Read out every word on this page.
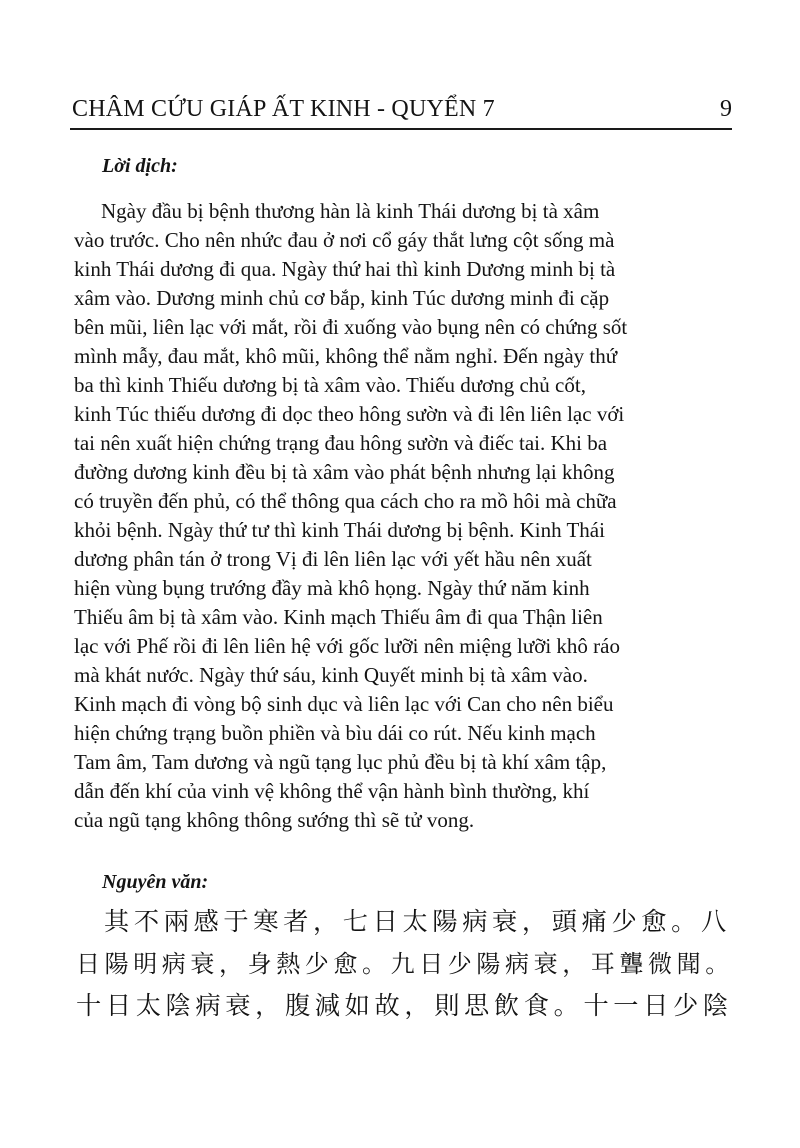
CHÂM CỨU GIÁP ẤT KINH - QUYỂN 7	9
Lời dịch:
Ngày đầu bị bệnh thương hàn là kinh Thái dương bị tà xâm
vào trước. Cho nên nhức đau ở nơi cổ gáy thắt lưng cột sống mà
kinh Thái dương đi qua. Ngày thứ hai thì kinh Dương minh bị tà
xâm vào. Dương minh chủ cơ bắp, kinh Túc dương minh đi cặp
bên mũi, liên lạc với mắt, rồi đi xuống vào bụng nên có chứng sốt
mình mẫy, đau mắt, khô mũi, không thể nằm nghỉ. Đến ngày thứ
ba thì kinh Thiếu dương bị tà xâm vào. Thiếu dương chủ cốt,
kinh Túc thiếu dương đi dọc theo hông sườn và đi lên liên lạc với
tai nên xuất hiện chứng trạng đau hông sườn và điếc tai. Khi ba
đường dương kinh đều bị tà xâm vào phát bệnh nhưng lại không
có truyền đến phủ, có thể thông qua cách cho ra mồ hôi mà chữa
khỏi bệnh. Ngày thứ tư thì kinh Thái dương bị bệnh. Kinh Thái
dương phân tán ở trong Vị đi lên liên lạc với yết hầu nên xuất
hiện vùng bụng trướng đầy mà khô họng. Ngày thứ năm kinh
Thiếu âm bị tà xâm vào. Kinh mạch Thiếu âm đi qua Thận liên
lạc với Phế rồi đi lên liên hệ với gốc lưỡi nên miệng lưỡi khô ráo
mà khát nước. Ngày thứ sáu, kinh Quyết minh bị tà xâm vào.
Kinh mạch đi vòng bộ sinh dục và liên lạc với Can cho nên biểu
hiện chứng trạng buồn phiền và bìu dái co rút. Nếu kinh mạch
Tam âm, Tam dương và ngũ tạng lục phủ đều bị tà khí xâm tập,
dẫn đến khí của vinh vệ không thể vận hành bình thường, khí
của ngũ tạng không thông sướng thì sẽ tử vong.
Nguyên văn:
其不兩感于寒者，七日太陽病衰，頭痛少愈。八
日陽明病衰，身熱少愈。九日少陽病衰，耳聾微聞。
十日太陰病衰，腹減如故，則思飲食。十一日少陰
